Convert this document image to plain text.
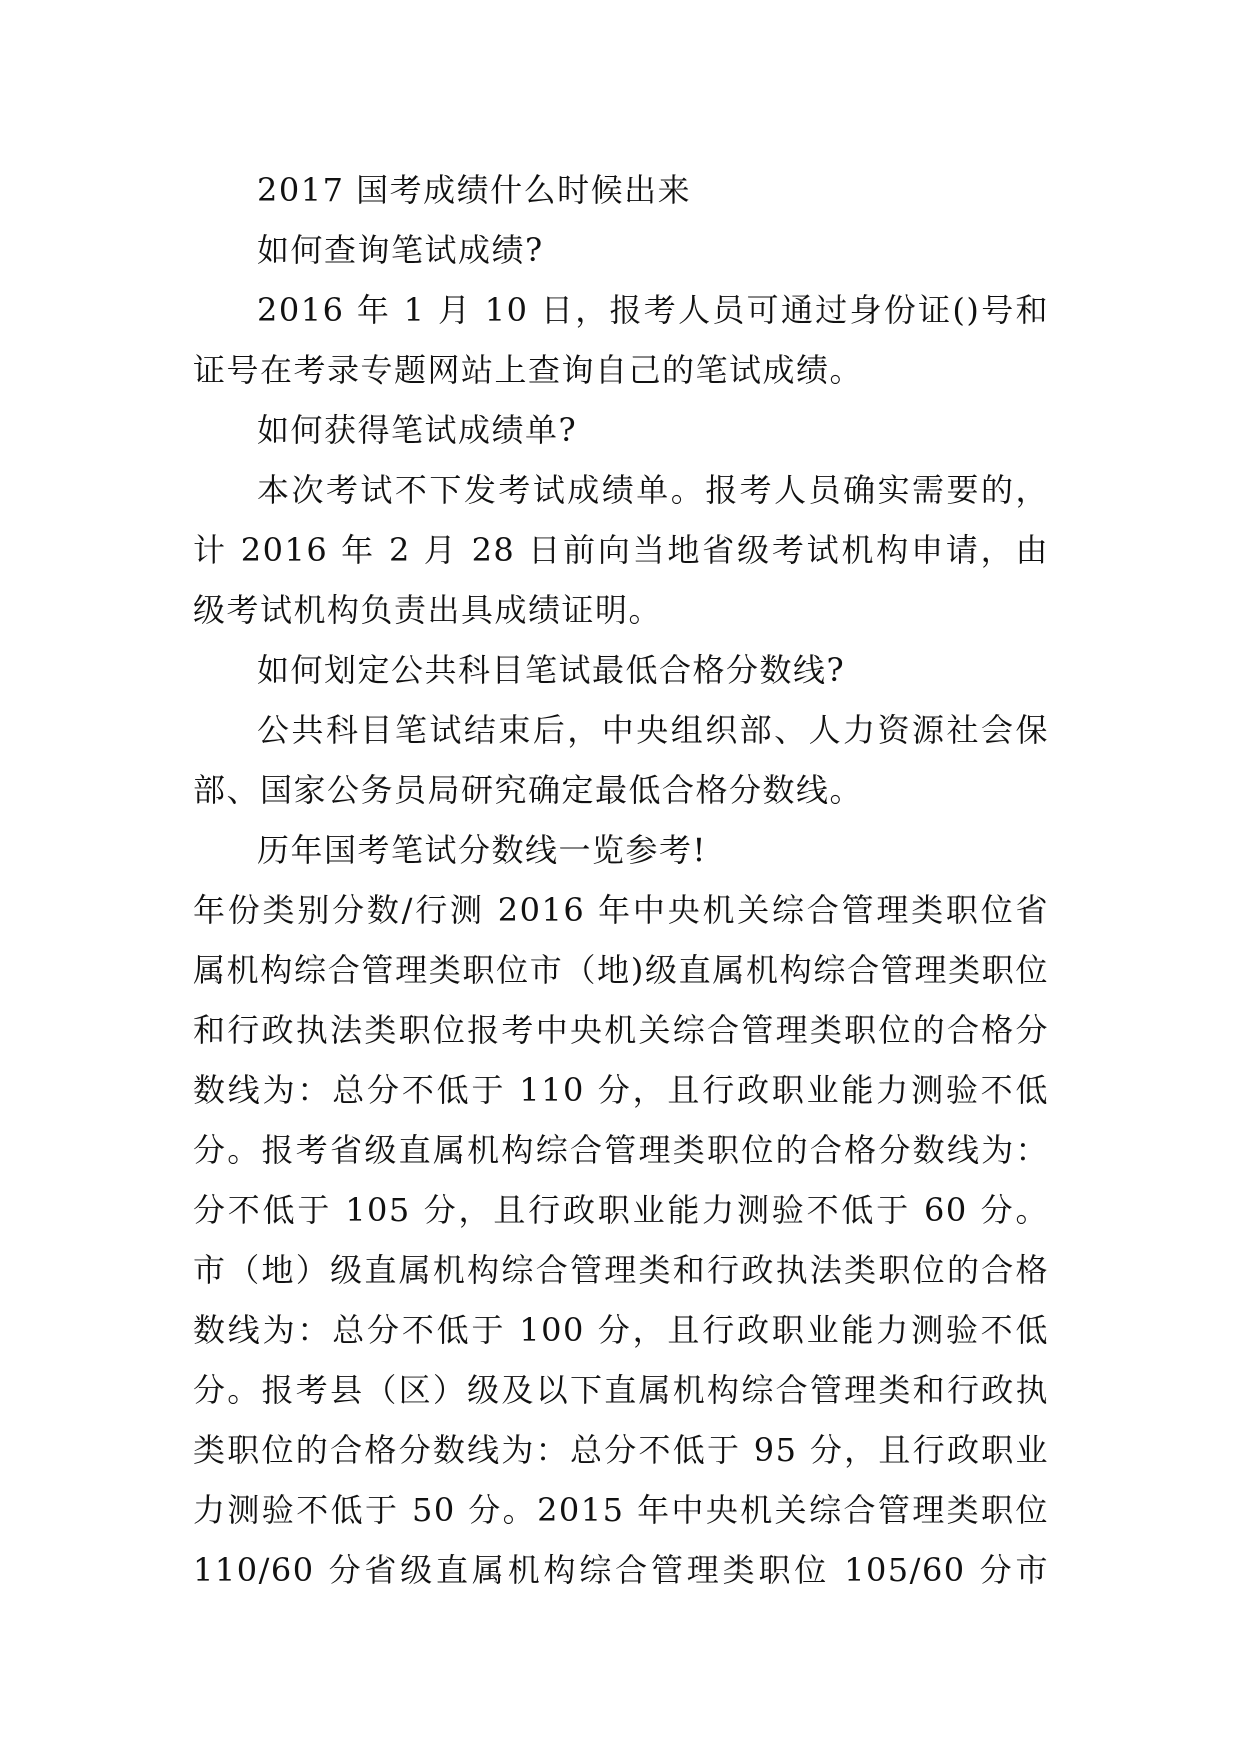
2017 国考成绩什么时候出来

如何查询笔试成绩?

2016 年 1 月 10 日，报考人员可通过身份证()号和

证号在考录专题网站上查询自己的笔试成绩。

如何获得笔试成绩单?

本次考试不下发考试成绩单。报考人员确实需要的，

计 2016 年 2 月 28 日前向当地省级考试机构申请，由

级考试机构负责出具成绩证明。

如何划定公共科目笔试最低合格分数线?

公共科目笔试结束后，中央组织部、人力资源社会保

部、国家公务员局研究确定最低合格分数线。

历年国考笔试分数线一览参考!

年份类别分数/行测 2016 年中央机关综合管理类职位省

属机构综合管理类职位市（地)级直属机构综合管理类职位

和行政执法类职位报考中央机关综合管理类职位的合格分

数线为：总分不低于 110 分，且行政职业能力测验不低

分。报考省级直属机构综合管理类职位的合格分数线为：

分不低于 105 分，且行政职业能力测验不低于 60 分。

市（地）级直属机构综合管理类和行政执法类职位的合格

数线为：总分不低于 100 分，且行政职业能力测验不低

分。报考县（区）级及以下直属机构综合管理类和行政执

类职位的合格分数线为：总分不低于 95 分，且行政职业

力测验不低于 50 分。2015 年中央机关综合管理类职位

110/60 分省级直属机构综合管理类职位 105/60 分市
